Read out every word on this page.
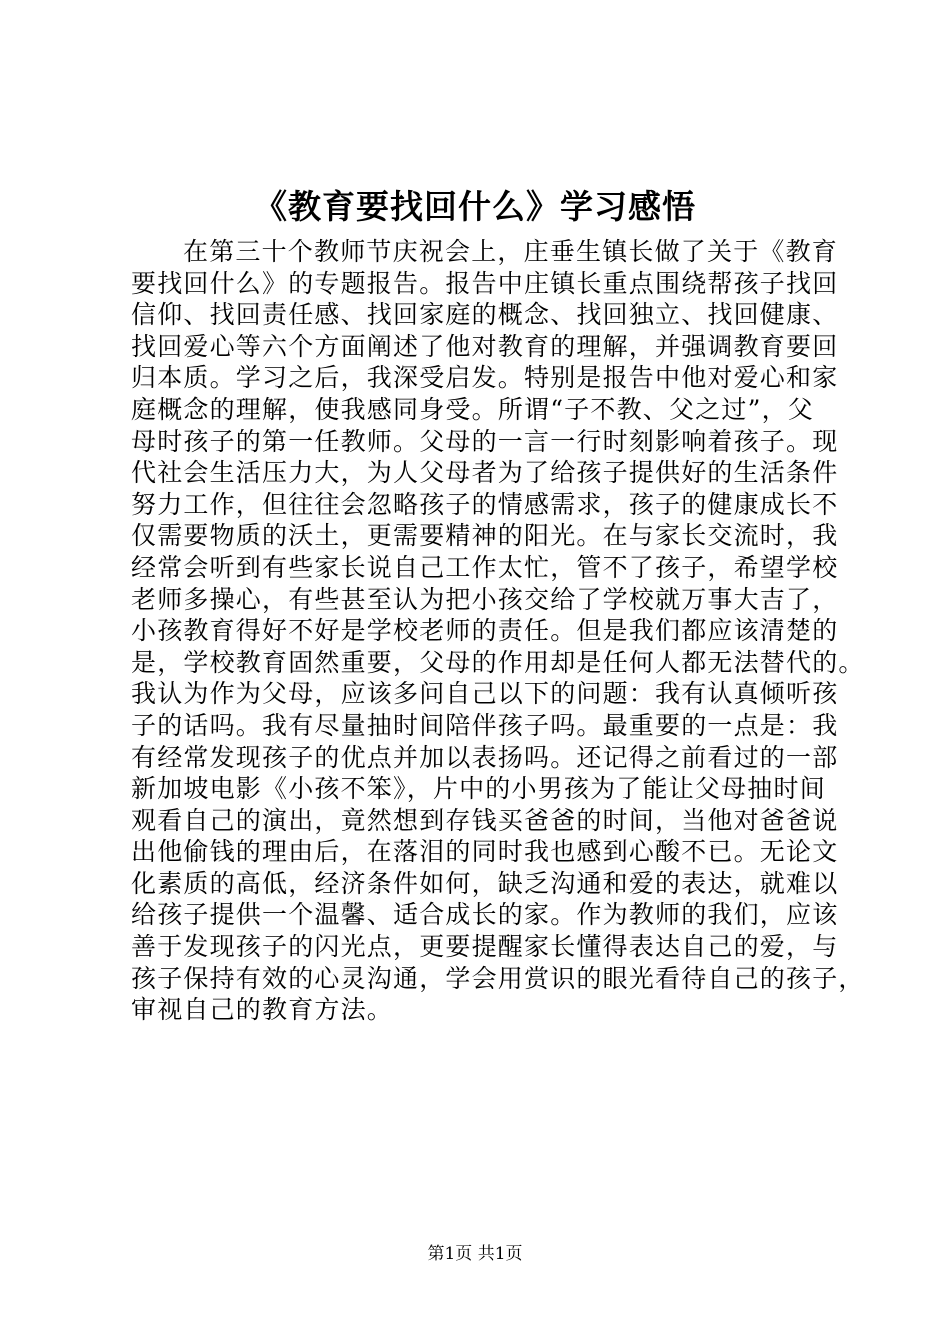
《教育要找回什么》学习感悟
在第三十个教师节庆祝会上，庄垂生镇长做了关于《教育
要找回什么》的专题报告。报告中庄镇长重点围绕帮孩子找回
信仰、找回责任感、找回家庭的概念、找回独立、找回健康、
找回爱心等六个方面阐述了他对教育的理解，并强调教育要回
归本质。学习之后，我深受启发。特别是报告中他对爱心和家
庭概念的理解，使我感同身受。所谓“子不教、父之过”，父
母时孩子的第一任教师。父母的一言一行时刻影响着孩子。现
代社会生活压力大，为人父母者为了给孩子提供好的生活条件
努力工作，但往往会忽略孩子的情感需求，孩子的健康成长不
仅需要物质的沃土，更需要精神的阳光。在与家长交流时，我
经常会听到有些家长说自己工作太忙，管不了孩子，希望学校
老师多操心，有些甚至认为把小孩交给了学校就万事大吉了，
小孩教育得好不好是学校老师的责任。但是我们都应该清楚的
是，学校教育固然重要，父母的作用却是任何人都无法替代的。
我认为作为父母，应该多问自己以下的问题：我有认真倾听孩
子的话吗。我有尽量抽时间陪伴孩子吗。最重要的一点是：我
有经常发现孩子的优点并加以表扬吗。还记得之前看过的一部
新加坡电影《小孩不笨》，片中的小男孩为了能让父母抽时间
观看自己的演出，竟然想到存钱买爸爸的时间，当他对爸爸说
出他偷钱的理由后，在落泪的同时我也感到心酸不已。无论文
化素质的高低，经济条件如何，缺乏沟通和爱的表达，就难以
给孩子提供一个温馨、适合成长的家。作为教师的我们，应该
善于发现孩子的闪光点，更要提醒家长懂得表达自己的爱，与
孩子保持有效的心灵沟通，学会用赏识的眼光看待自己的孩子，
审视自己的教育方法。
第1页 共1页
